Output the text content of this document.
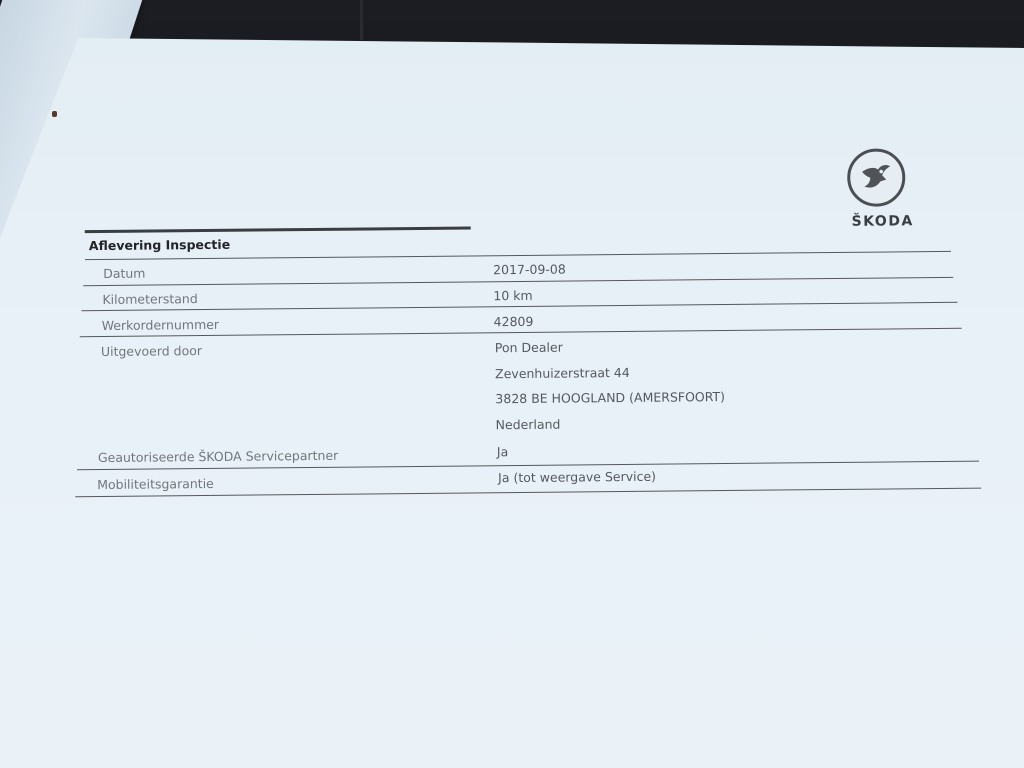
ŠKODA
Aflevering Inspectie
Datum	2017-09-08
Kilometerstand	10 km
Werkordernummer	42809
Uitgevoerd door	Pon Dealer
Zevenhuizerstraat 44
3828 BE HOOGLAND (AMERSFOORT)
Nederland
Geautoriseerde ŠKODA Servicepartner	Ja
Mobiliteitsgarantie	Ja (tot weergave Service)
